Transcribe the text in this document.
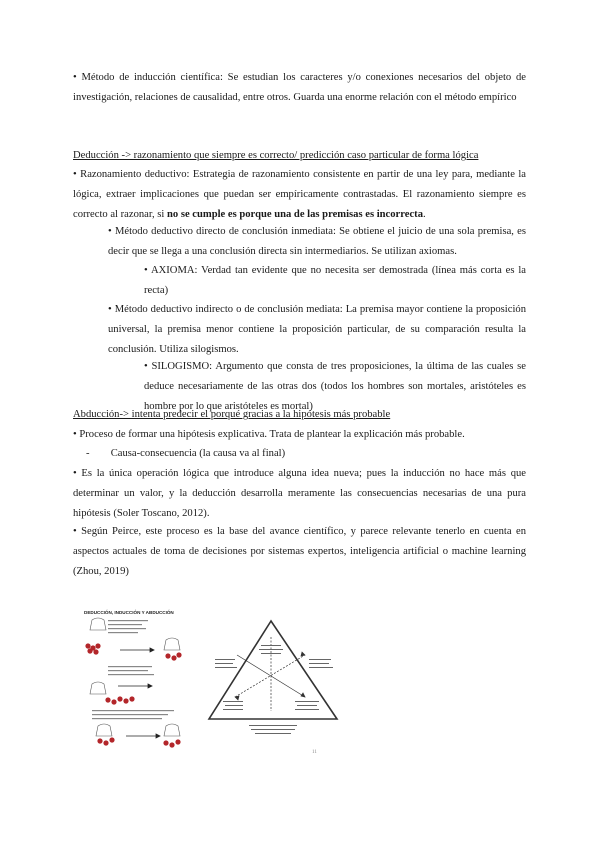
• Método de inducción científica: Se estudian los caracteres y/o conexiones necesarios del objeto de investigación, relaciones de causalidad, entre otros. Guarda una enorme relación con el método empírico

Deducción -> razonamiento que siempre es correcto/ predicción caso particular de forma lógica

• Razonamiento deductivo: Estrategia de razonamiento consistente en partir de una ley para, mediante la lógica, extraer implicaciones que puedan ser empíricamente contrastadas. El razonamiento siempre es correcto al razonar, si no se cumple es porque una de las premisas es incorrecta.

• Método deductivo directo de conclusión inmediata: Se obtiene el juicio de una sola premisa, es decir que se llega a una conclusión directa sin intermediarios. Se utilizan axiomas.

• AXIOMA: Verdad tan evidente que no necesita ser demostrada (línea más corta es la recta)

• Método deductivo indirecto o de conclusión mediata: La premisa mayor contiene la proposición universal, la premisa menor contiene la proposición particular, de su comparación resulta la conclusión. Utiliza silogismos.

• SILOGISMO: Argumento que consta de tres proposiciones, la última de las cuales se deduce necesariamente de las otras dos (todos los hombres son mortales, aristóteles es hombre por lo que aristóteles es mortal)

Abducción-> intenta predecir el porqué gracias a la hipótesis más probable

• Proceso de formar una hipótesis explicativa. Trata de plantear la explicación más probable.

-        Causa-consecuencia (la causa va al final)

• Es la única operación lógica que introduce alguna idea nueva; pues la inducción no hace más que determinar un valor, y la deducción desarrolla meramente las consecuencias necesarias de una pura hipótesis (Soler Toscano, 2012).

• Según Peirce, este proceso es la base del avance científico, y parece relevante tenerlo en cuenta en aspectos actuales de toma de decisiones por sistemas expertos, inteligencia artificial o machine learning (Zhou, 2019)

DEDUCCIÓN, INDUCCIÓN Y ABDUCCIÓN
11
